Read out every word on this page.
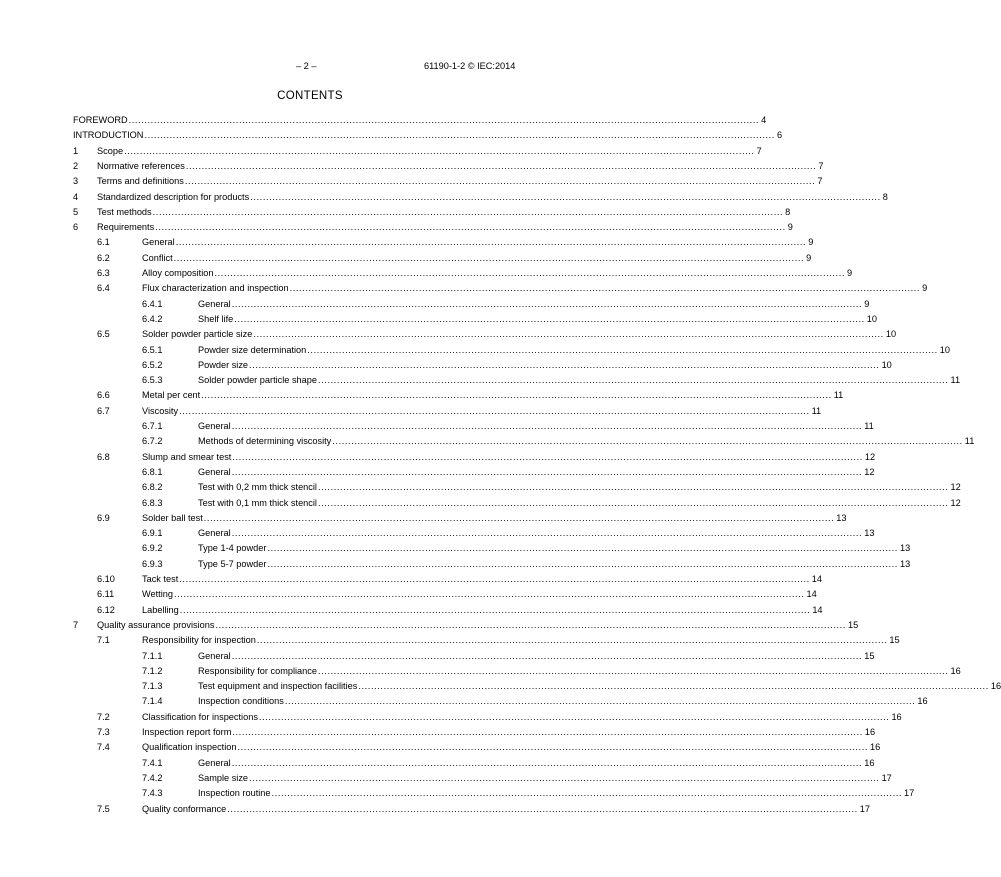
– 2 –	61190-1-2 © IEC:2014
CONTENTS
FOREWORD ........................................................................................................................................................................................................ 4
INTRODUCTION ........................................................................................................................................................................................................ 6
1 Scope ........................................................................................................................................................................................................ 7
2 Normative references ........................................................................................................................................................................................................ 7
3 Terms and definitions ........................................................................................................................................................................................................ 7
4 Standardized description for products ........................................................................................................................................................................................................ 8
5 Test methods ........................................................................................................................................................................................................ 8
6 Requirements ........................................................................................................................................................................................................ 9
6.1	General ........................................................................................................................................................................................................ 9
6.2	Conflict ........................................................................................................................................................................................................ 9
6.3	Alloy composition ........................................................................................................................................................................................................ 9
6.4	Flux characterization and inspection ........................................................................................................................................................................................................ 9
6.4.1	General ........................................................................................................................................................................................................ 9
6.4.2	Shelf life ........................................................................................................................................................................................................ 10
6.5	Solder powder particle size ........................................................................................................................................................................................................ 10
6.5.1	Powder size determination ........................................................................................................................................................................................................ 10
6.5.2	Powder size ........................................................................................................................................................................................................ 10
6.5.3	Solder powder particle shape ........................................................................................................................................................................................................ 11
6.6	Metal per cent ........................................................................................................................................................................................................ 11
6.7	Viscosity ........................................................................................................................................................................................................ 11
6.7.1	General ........................................................................................................................................................................................................ 11
6.7.2	Methods of determining viscosity ........................................................................................................................................................................................................ 11
6.8	Slump and smear test ........................................................................................................................................................................................................ 12
6.8.1	General ........................................................................................................................................................................................................ 12
6.8.2	Test with 0,2 mm thick stencil ........................................................................................................................................................................................................ 12
6.8.3	Test with 0,1 mm thick stencil ........................................................................................................................................................................................................ 12
6.9	Solder ball test ........................................................................................................................................................................................................ 13
6.9.1	General ........................................................................................................................................................................................................ 13
6.9.2	Type 1-4 powder ........................................................................................................................................................................................................ 13
6.9.3	Type 5-7 powder ........................................................................................................................................................................................................ 13
6.10	Tack test ........................................................................................................................................................................................................ 14
6.11	Wetting ........................................................................................................................................................................................................ 14
6.12	Labelling ........................................................................................................................................................................................................ 14
7 Quality assurance provisions ........................................................................................................................................................................................................ 15
7.1	Responsibility for inspection ........................................................................................................................................................................................................ 15
7.1.1	General ........................................................................................................................................................................................................ 15
7.1.2	Responsibility for compliance ........................................................................................................................................................................................................ 16
7.1.3	Test equipment and inspection facilities ........................................................................................................................................................................................................ 16
7.1.4	Inspection conditions ........................................................................................................................................................................................................ 16
7.2	Classification for inspections ........................................................................................................................................................................................................ 16
7.3	Inspection report form ........................................................................................................................................................................................................ 16
7.4	Qualification inspection ........................................................................................................................................................................................................ 16
7.4.1	General ........................................................................................................................................................................................................ 16
7.4.2	Sample size ........................................................................................................................................................................................................ 17
7.4.3	Inspection routine ........................................................................................................................................................................................................ 17
7.5	Quality conformance ........................................................................................................................................................................................................ 17
